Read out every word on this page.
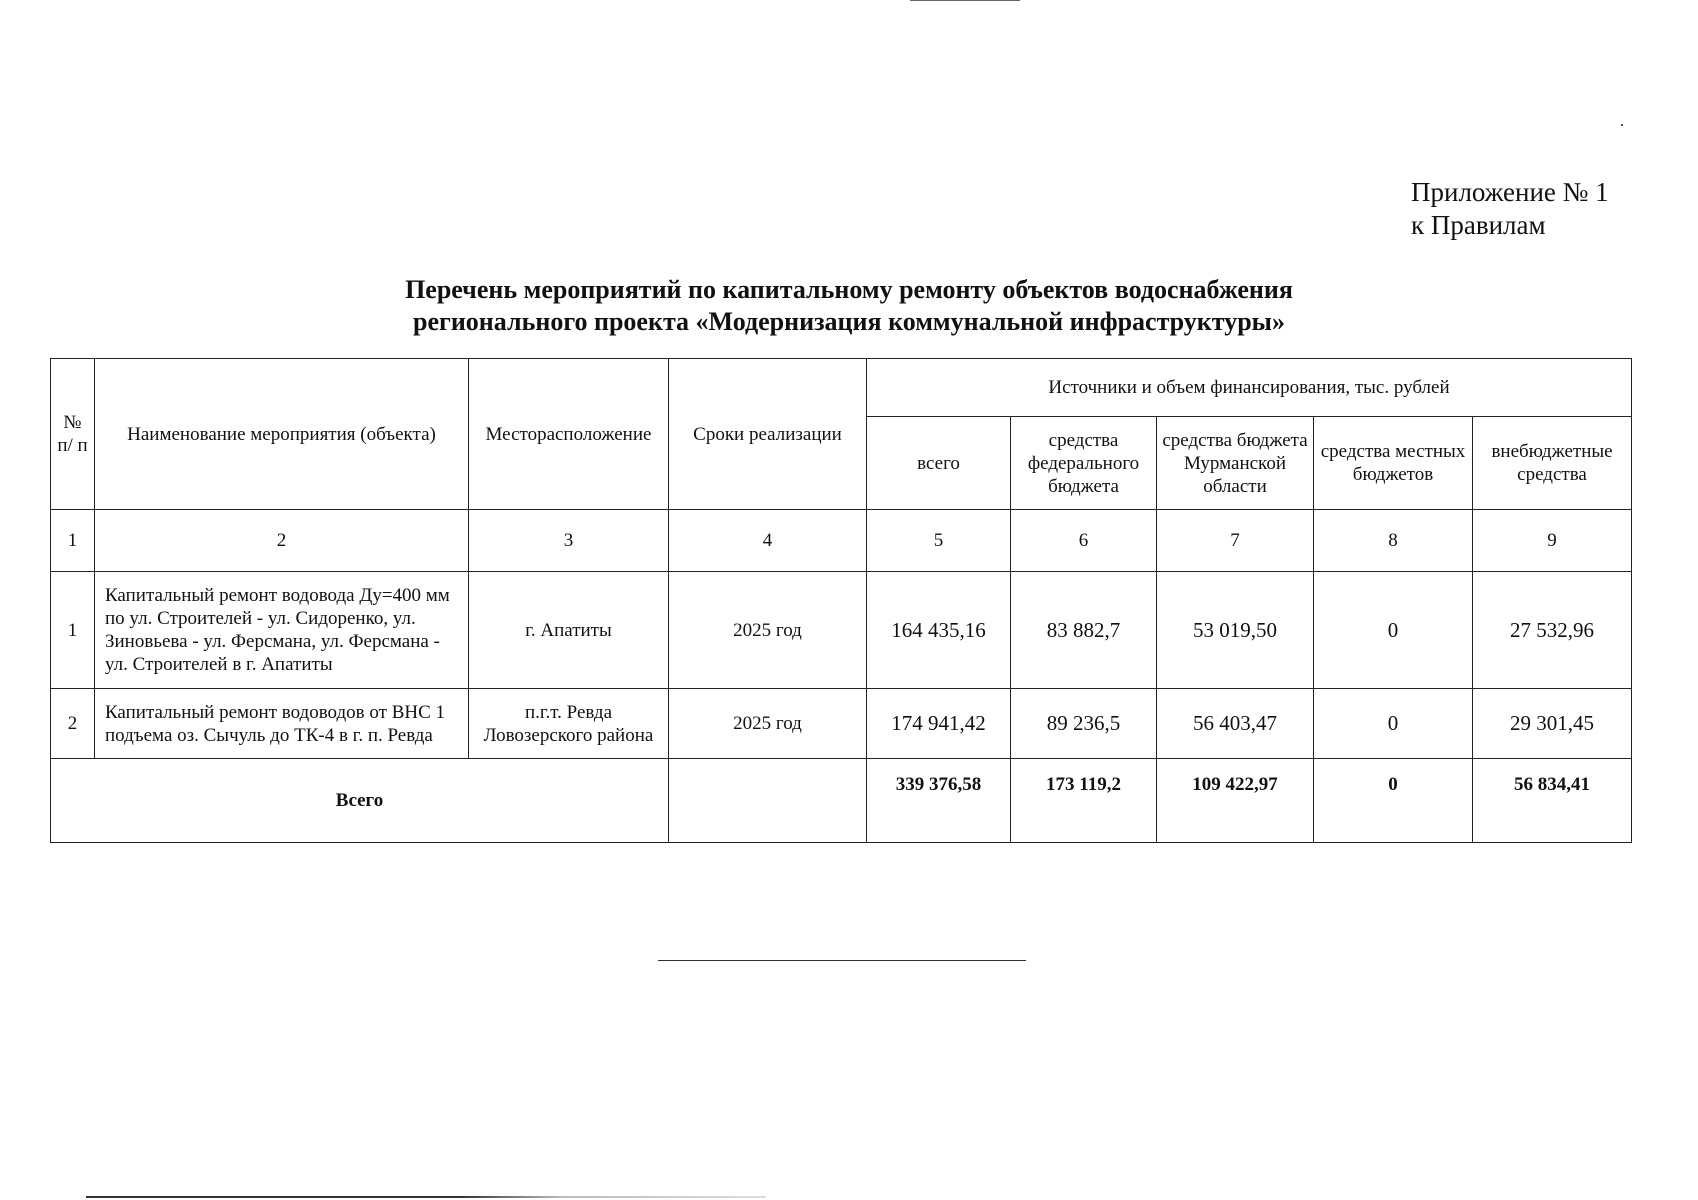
Приложение № 1
к Правилам
Перечень мероприятий по капитальному ремонту объектов водоснабжения
регионального проекта «Модернизация коммунальной инфраструктуры»
№ п/ п	Наименование мероприятия (объекта)	Месторасположение	Сроки реализации	Источники и объем финансирования, тыс. рублей				
				всего	средства федерального бюджета	средства бюджета Мурманской области	средства местных бюджетов	внебюджетные средства
1	2	3	4	5	6	7	8	9
1	Капитальный ремонт водовода Ду=400 мм по ул. Строителей - ул. Сидоренко, ул. Зиновьева - ул. Ферсмана, ул. Ферсмана - ул. Строителей в г. Апатиты	г. Апатиты	2025 год	164 435,16	83 882,7	53 019,50	0	27 532,96
2	Капитальный ремонт водоводов от ВНС 1 подъема оз. Сычуль до ТК-4 в г. п. Ревда	п.г.т. Ревда Ловозерского района	2025 год	174 941,42	89 236,5	56 403,47	0	29 301,45
Всего				339 376,58	173 119,2	109 422,97	0	56 834,41
